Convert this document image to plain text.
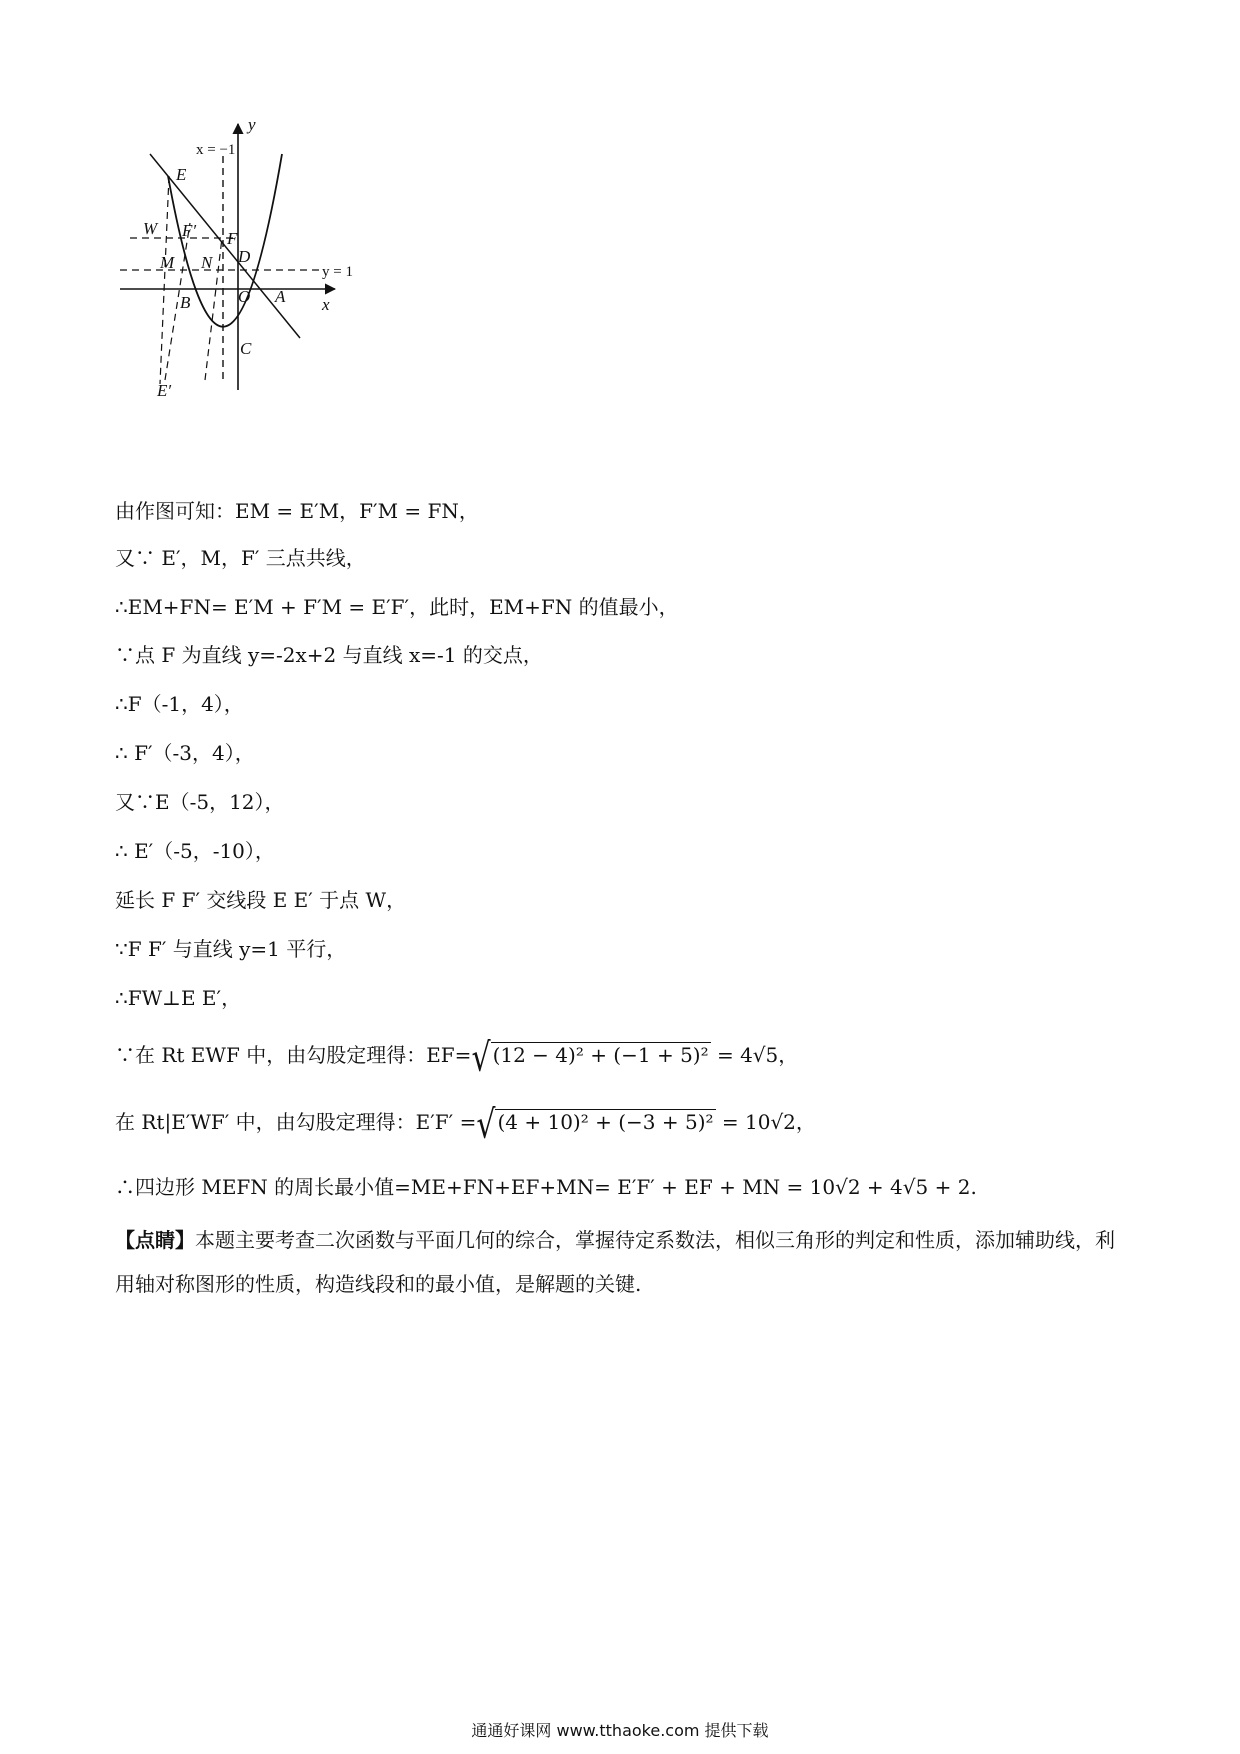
y
x
x = −1
y = 1
E
W F′ F
D
M N
O A
B
C
E′
由作图可知：EM = E′M，F′M = FN，
又∵ E′，M，F′ 三点共线，
∴EM+FN= E′M + F′M = E′F′，此时，EM+FN 的值最小，
∵点 F 为直线 y=-2x+2 与直线 x=-1 的交点，
∴F（-1，4），
∴ F′（-3，4），
又∵E（-5，12），
∴ E′（-5，-10），
延长 F F′ 交线段 E E′ 于点 W，
∵F F′ 与直线 y=1 平行，
∴FW⊥E E′，
∵在 Rt EWF 中，由勾股定理得：EF=√ (12 − 4)² + (−1 + 5)² = 4√5，
在 Rt|E′WF′ 中，由勾股定理得：E′F′ =√ (4 + 10)² + (−3 + 5)² = 10√2，
∴四边形 MEFN 的周长最小值=ME+FN+EF+MN= E′F′ + EF + MN = 10√2 + 4√5 + 2.
【点睛】本题主要考查二次函数与平面几何的综合，掌握待定系数法，相似三角形的判定和性质，添加辅助线，利用轴对称图形的性质，构造线段和的最小值，是解题的关键.
通通好课网 www.tthaoke.com 提供下载
